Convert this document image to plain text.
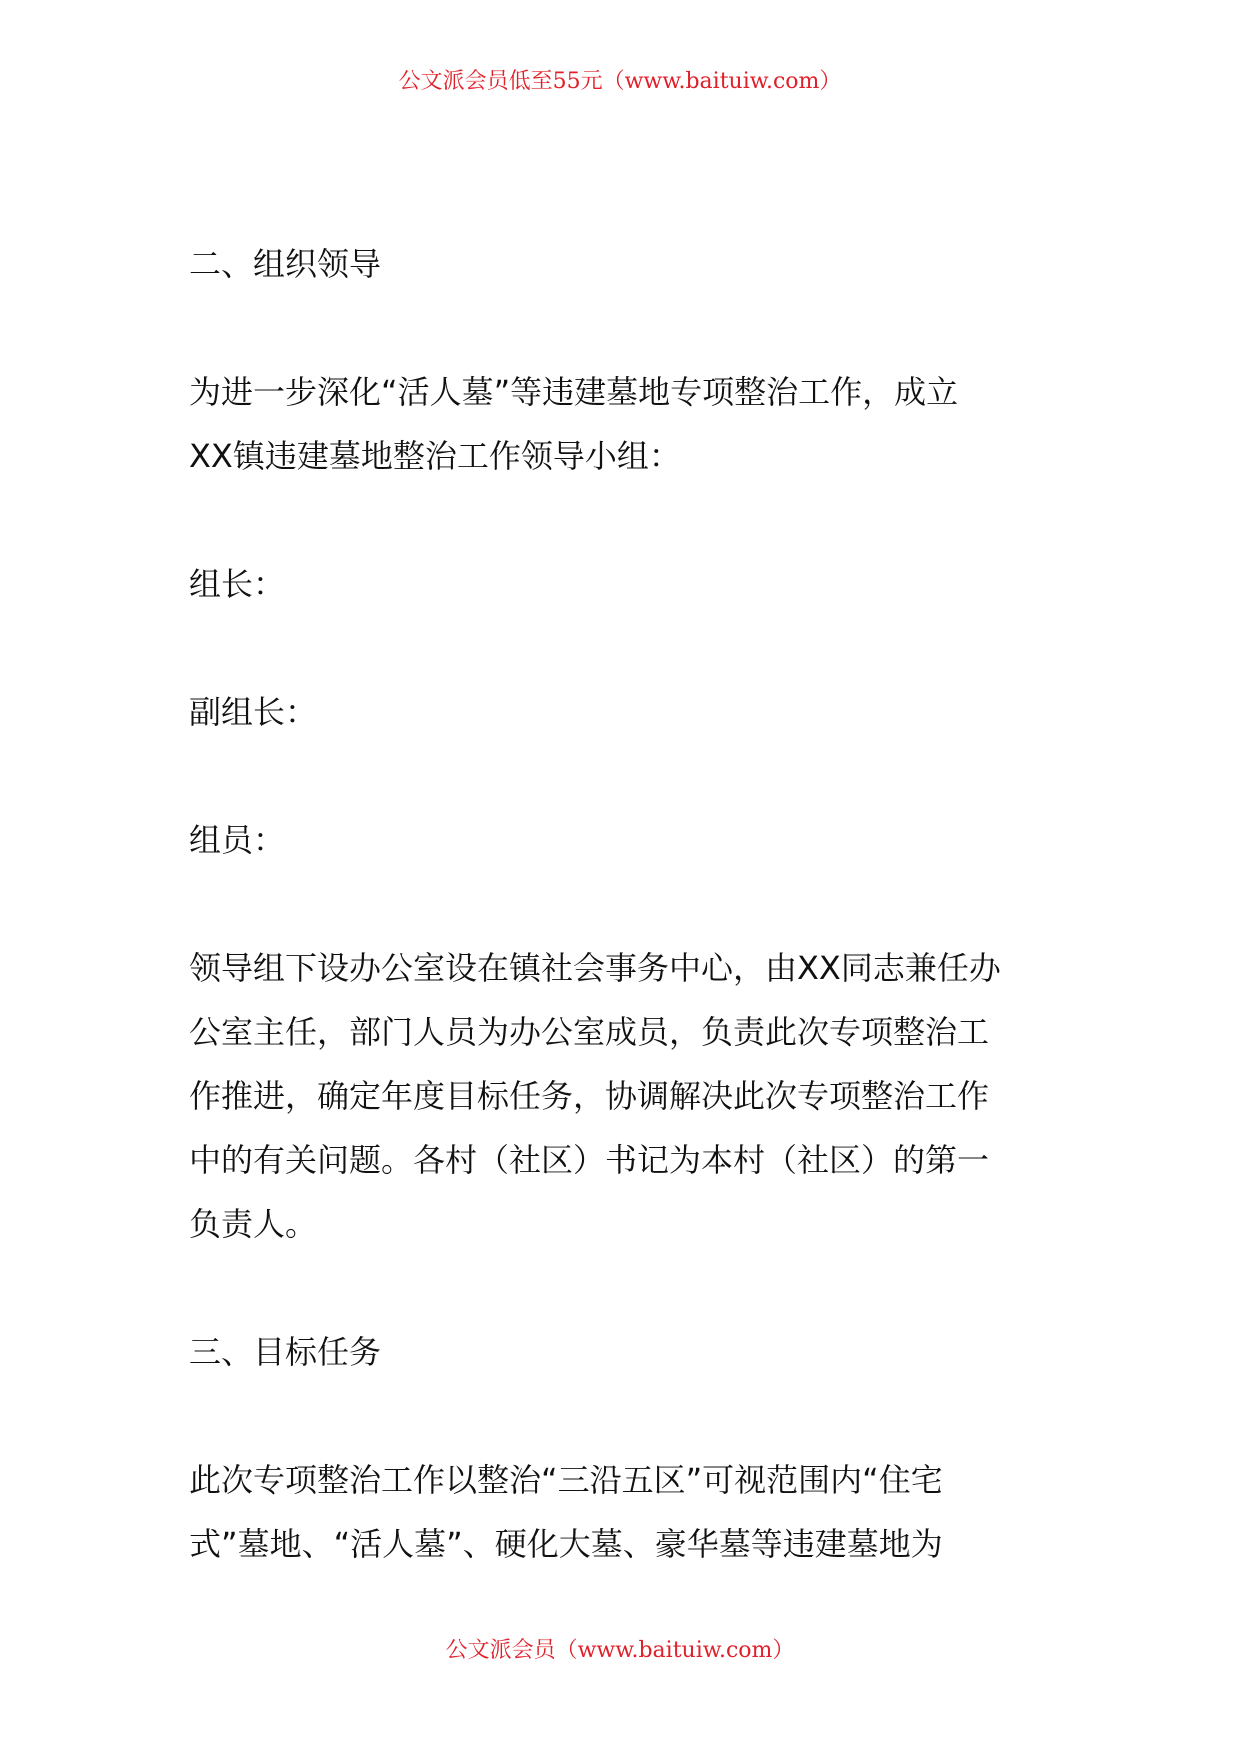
公文派会员低至55元（www.baituiw.com）
二、组织领导

为进一步深化“活人墓”等违建墓地专项整治工作，成立

XX镇违建墓地整治工作领导小组：

组长：
副组长：
组员：

领导组下设办公室设在镇社会事务中心，由XX同志兼任办

公室主任，部门人员为办公室成员，负责此次专项整治工

作推进，确定年度目标任务，协调解决此次专项整治工作

中的有关问题。各村（社区）书记为本村（社区）的第一

负责人。

三、目标任务

此次专项整治工作以整治“三沿五区”可视范围内“住宅

式”墓地、“活人墓”、硬化大墓、豪华墓等违建墓地为

公文派会员（www.baituiw.com）
